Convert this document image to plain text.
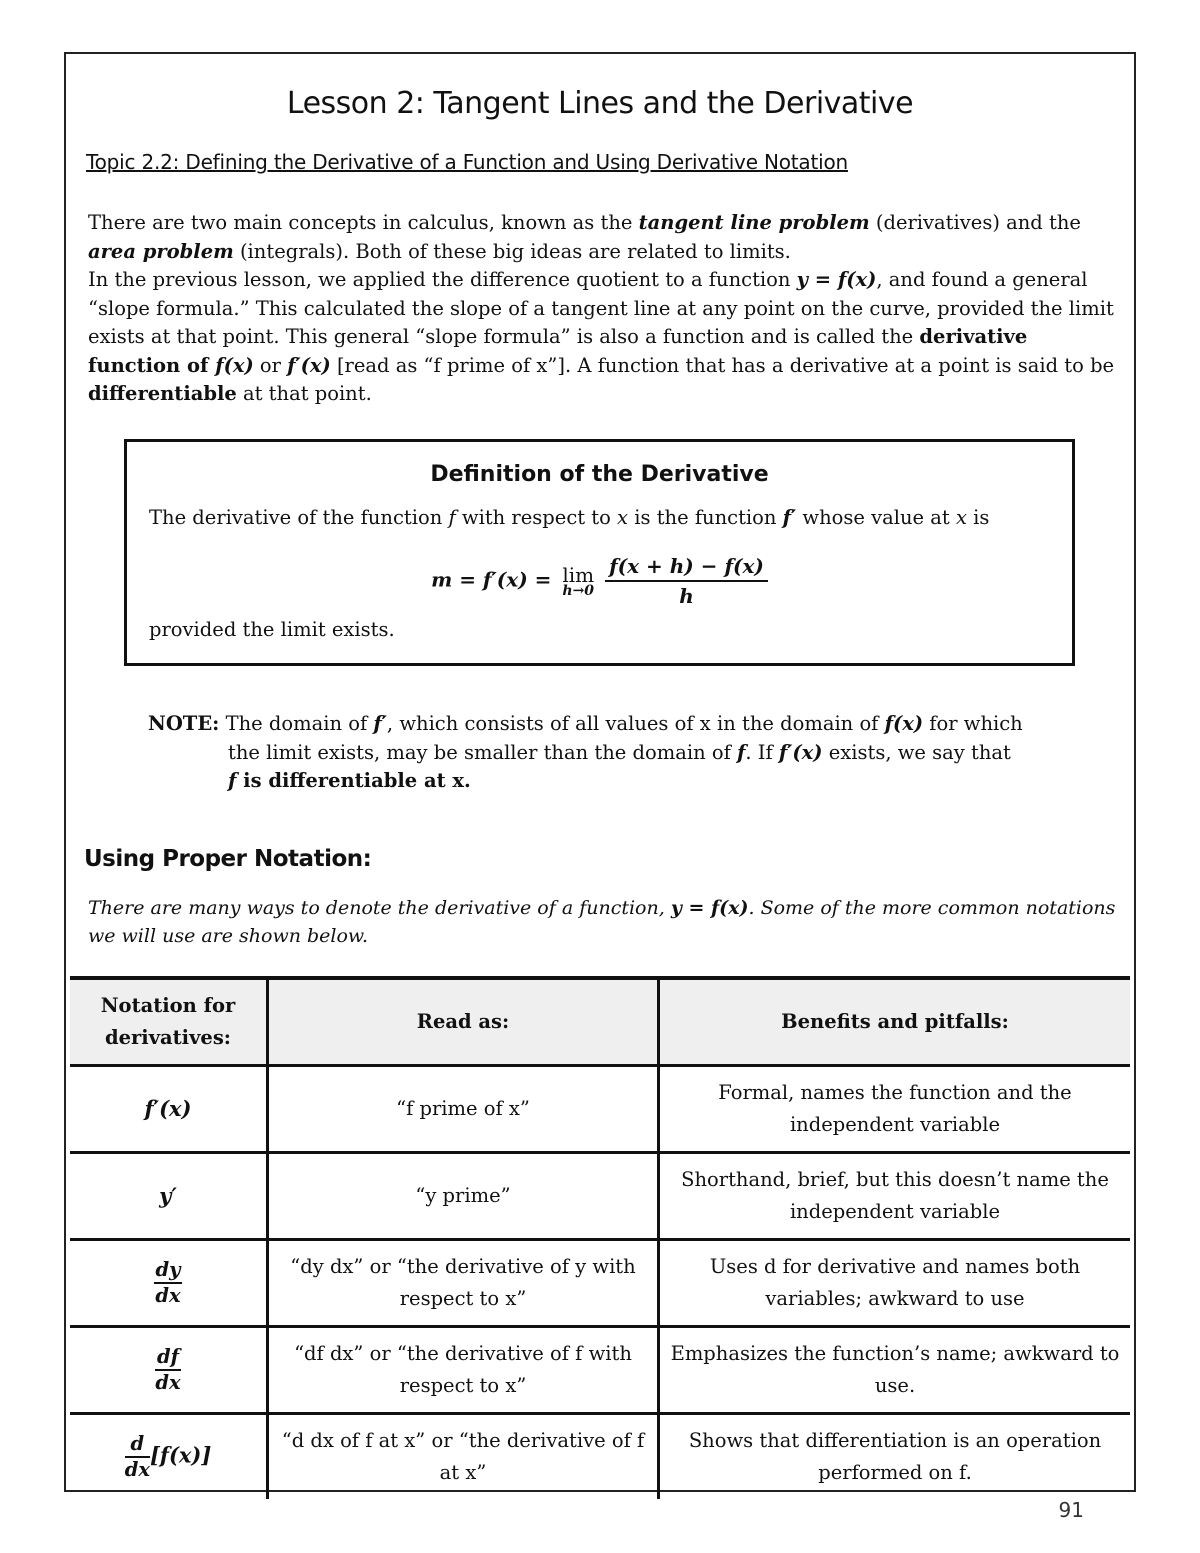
Lesson 2: Tangent Lines and the Derivative
Topic 2.2: Defining the Derivative of a Function and Using Derivative Notation

There are two main concepts in calculus, known as the tangent line problem (derivatives) and the area problem (integrals). Both of these big ideas are related to limits.

In the previous lesson, we applied the difference quotient to a function y = f(x), and found a general “slope formula.” This calculated the slope of a tangent line at any point on the curve, provided the limit exists at that point. This general “slope formula” is also a function and is called the derivative function of f(x) or f′(x) [read as “f prime of x”]. A function that has a derivative at a point is said to be differentiable at that point.

Definition of the Derivative
The derivative of the function f with respect to x is the function f′ whose value at x is
m = f′(x) = lim
h→0
$\frac{f(x + h) - f(x)}{h}$
provided the limit exists.
NOTE: The domain of f′, which consists of all values of x in the domain of f(x) for which
the limit exists, may be smaller than the domain of f. If f′(x) exists, we say that
f is differentiable at x.
Using Proper Notation:
There are many ways to denote the derivative of a function, y = f(x). Some of the more common notations we will use are shown below.
Notation for derivatives:	Read as:	Benefits and pitfalls:
f′(x)	“f prime of x”	Formal, names the function and the independent variable
y′	“y prime”	Shorthand, brief, but this doesn’t name the independent variable

$\frac{dy}{dx}$	“dy dx” or “the derivative of y with respect to x”	Uses d for derivative and names both variables; awkward to use

$\frac{df}{dx}$	“df dx” or “the derivative of f with respect to x”	Emphasizes the function’s name; awkward to use.

$\frac{d}{dx} [f(x)]$	“d dx of f at x” or “the derivative of f at x”	Shows that differentiation is an operation performed on f.
91
